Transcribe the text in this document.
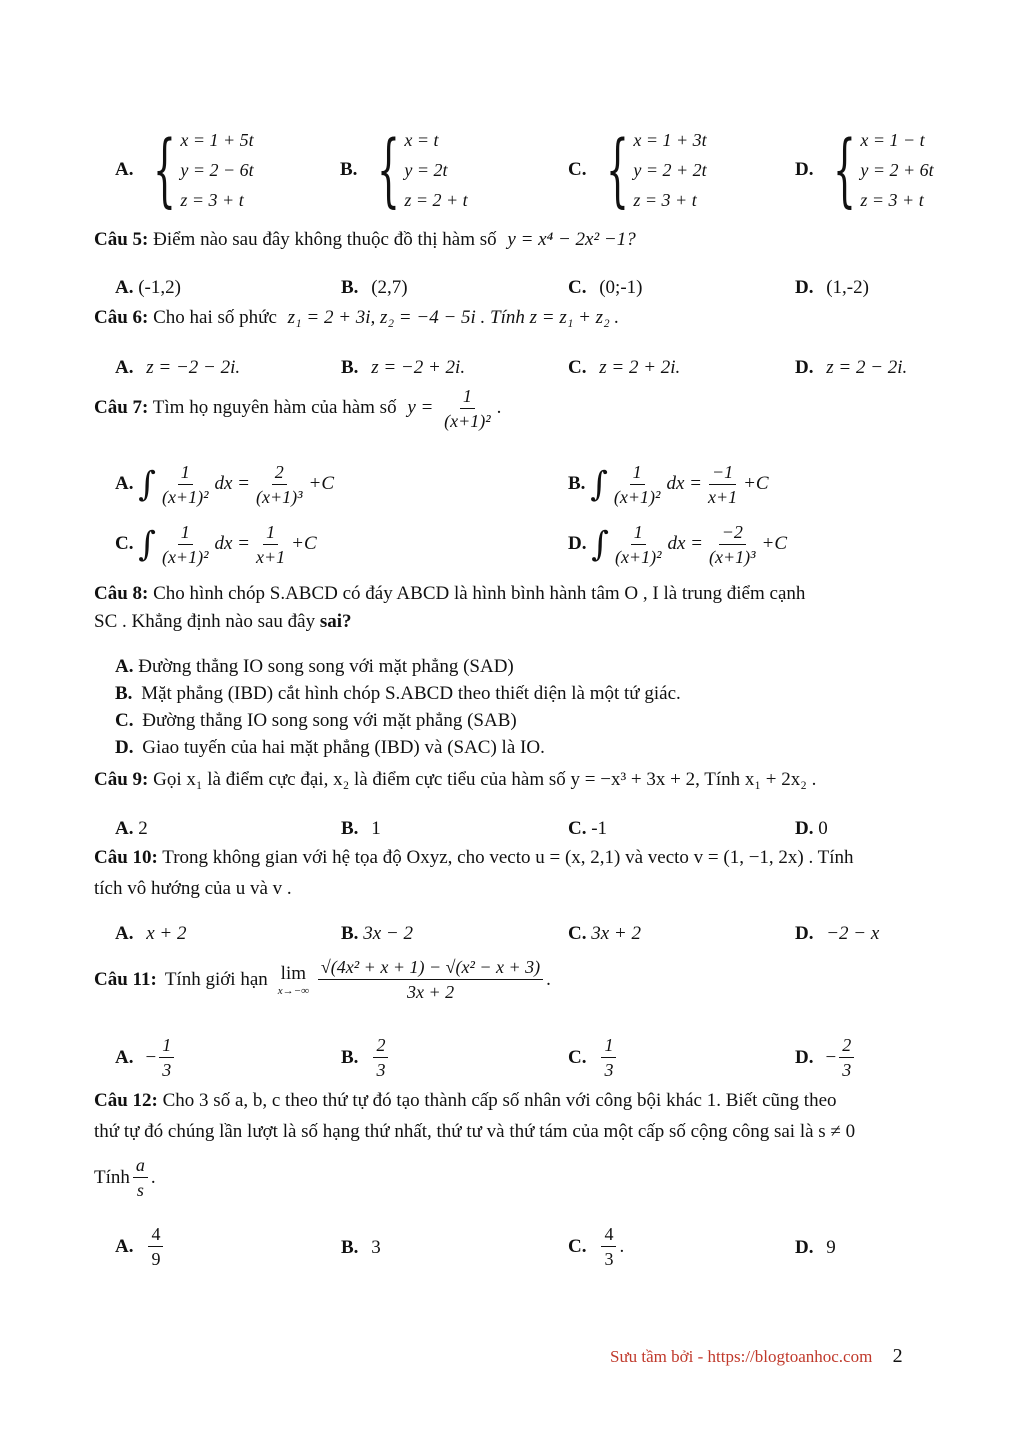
A. { x = 1 + 5t
y = 2 − 6t
z = 3 + t
B. { x = t
y = 2t
z = 2 + t
C. { x = 1 + 3t
y = 2 + 2t
z = 3 + t
D. { x = 1 − t
y = 2 + 6t
z = 3 + t
Câu 5: Điểm nào sau đây không thuộc đồ thị hàm số y = x⁴ − 2x² −1?
A. (-1,2)	B. (2,7)	C. (0;-1)	D. (1,-2)
Câu 6: Cho hai số phức z₁ = 2 + 3i, z₂ = −4 − 5i . Tính z = z₁ + z₂ .
A. z = −2 − 2i.	B. z = −2 + 2i.	C. z = 2 + 2i.	D. z = 2 − 2i.
Câu 7: Tìm họ nguyên hàm của hàm số $y = \frac{1}{\text{(x+1)²}}$ .
A. ∫ $\frac{1}{\text{(x+1)²}}$ dx = $\frac{2}{\text{(x+1)³}} +C$	B. ∫ $\frac{1}{\text{(x+1)²}}$ dx = $\frac{-1}{x+1} +C$
C. ∫ $\frac{1}{\text{(x+1)²}}$ dx = $\frac{1}{x+1} +C$	D. ∫ $\frac{1}{\text{(x+1)²}}$ dx = $\frac{-2}{\text{(x+1)³}} +C$
Câu 8: Cho hình chóp S.ABCD có đáy ABCD là hình bình hành tâm O , I là trung điểm cạnh
SC . Khẳng định nào sau đây sai?
A. Đường thẳng IO song song với mặt phẳng (SAD)
B. Mặt phẳng (IBD) cắt hình chóp S.ABCD theo thiết diện là một tứ giác.
C. Đường thẳng IO song song với mặt phẳng (SAB)
D. Giao tuyến của hai mặt phẳng (IBD) và (SAC) là IO.
Câu 9: Gọi x₁ là điểm cực đại, x₂ là điểm cực tiểu của hàm số y = −x³ + 3x + 2, Tính x₁ + 2x₂ .
A. 2	B. 1	C. -1	D. 0
Câu 10: Trong không gian với hệ tọa độ Oxyz, cho vecto u = (x, 2,1) và vecto v = (1, −1, 2x) . Tính
tích vô hướng của u và v .
A. x + 2	B. 3x − 2	C. 3x + 2	D. −2 − x
Câu 11: Tính giới hạn lim
$x\to-\infty \frac{\text{√(4x² + x + 1) − √(x² − x + 3)}}{3x + 2}$ .
A. − $\frac{1}{3}$	B. $\frac{2}{3}$	C. $\frac{1}{3}$	D. − $\frac{2}{3}$
Câu 12: Cho 3 số a, b, c theo thứ tự đó tạo thành cấp số nhân với công bội khác 1. Biết cũng theo
thứ tự đó chúng lần lượt là số hạng thứ nhất, thứ tư và thứ tám của một cấp số cộng công sai là s ≠ 0
Tính $\frac{a}{s}$ .
A. $\frac{4}{9}$	B. 3	C. $\frac{4}{3}$ .	D. 9
Sưu tầm bởi - https://blogtoanhoc.com 2
